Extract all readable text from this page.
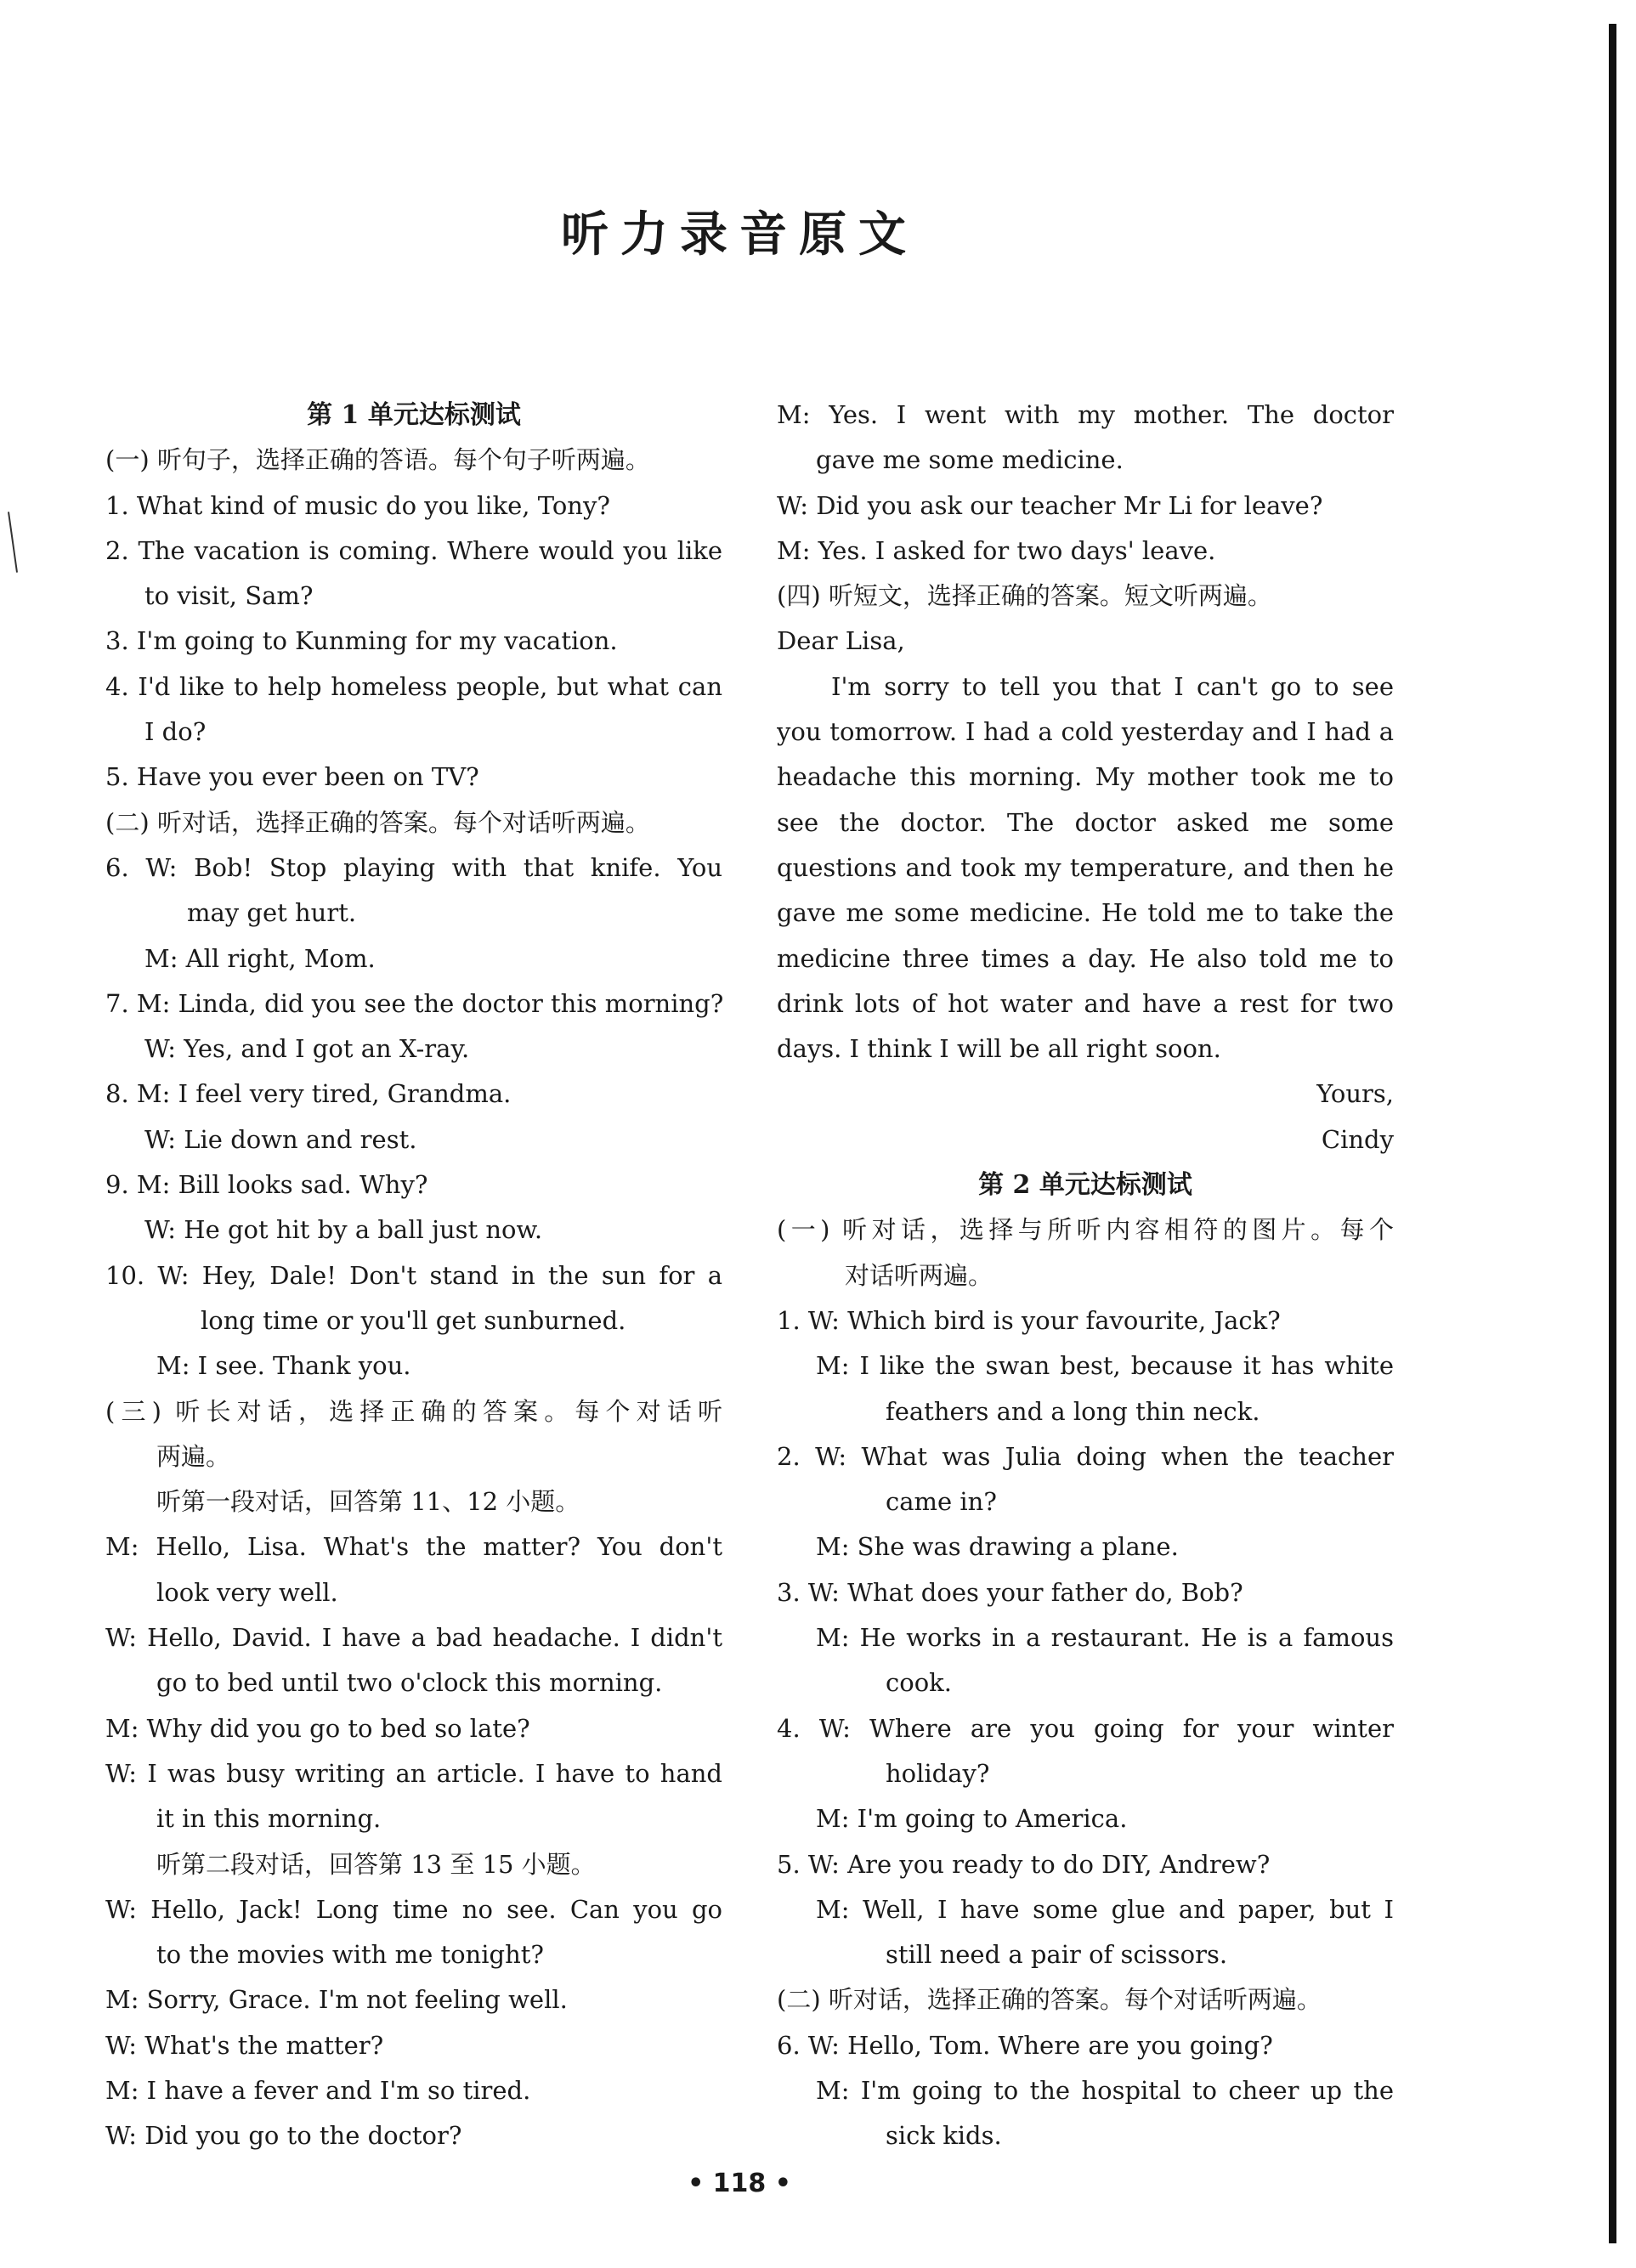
听力录音原文
第 1 单元达标测试
(一) 听句子，选择正确的答语。每个句子听两遍。
1. What kind of music do you like, Tony?
2. The vacation is coming. Where would you like
to visit, Sam?
3. I'm going to Kunming for my vacation.
4. I'd like to help homeless people, but what can
I do?
5. Have you ever been on TV?
(二) 听对话，选择正确的答案。每个对话听两遍。
6. W: Bob! Stop playing with that knife. You
may get hurt.
M: All right, Mom.
7. M: Linda, did you see the doctor this morning?
W: Yes, and I got an X-ray.
8. M: I feel very tired, Grandma.
W: Lie down and rest.
9. M: Bill looks sad. Why?
W: He got hit by a ball just now.
10. W: Hey, Dale! Don't stand in the sun for a
long time or you'll get sunburned.
M: I see. Thank you.
(三) 听长对话，选择正确的答案。每个对话听
两遍。
听第一段对话，回答第 11、12 小题。
M: Hello, Lisa. What's the matter? You don't
look very well.
W: Hello, David. I have a bad headache. I didn't
go to bed until two o'clock this morning.
M: Why did you go to bed so late?
W: I was busy writing an article. I have to hand
it in this morning.
听第二段对话，回答第 13 至 15 小题。
W: Hello, Jack! Long time no see. Can you go
to the movies with me tonight?
M: Sorry, Grace. I'm not feeling well.
W: What's the matter?
M: I have a fever and I'm so tired.
W: Did you go to the doctor?
M: Yes. I went with my mother. The doctor
gave me some medicine.
W: Did you ask our teacher Mr Li for leave?
M: Yes. I asked for two days' leave.
(四) 听短文，选择正确的答案。短文听两遍。
Dear Lisa,
I'm sorry to tell you that I can't go to see
you tomorrow. I had a cold yesterday and I had a
headache this morning. My mother took me to
see the doctor. The doctor asked me some
questions and took my temperature, and then he
gave me some medicine. He told me to take the
medicine three times a day. He also told me to
drink lots of hot water and have a rest for two
days. I think I will be all right soon.
Yours,
Cindy
第 2 单元达标测试
(一) 听对话，选择与所听内容相符的图片。每个
对话听两遍。
1. W: Which bird is your favourite, Jack?
M: I like the swan best, because it has white
feathers and a long thin neck.
2. W: What was Julia doing when the teacher
came in?
M: She was drawing a plane.
3. W: What does your father do, Bob?
M: He works in a restaurant. He is a famous
cook.
4. W: Where are you going for your winter
holiday?
M: I'm going to America.
5. W: Are you ready to do DIY, Andrew?
M: Well, I have some glue and paper, but I
still need a pair of scissors.
(二) 听对话，选择正确的答案。每个对话听两遍。
6. W: Hello, Tom. Where are you going?
M: I'm going to the hospital to cheer up the
sick kids.
• 118 •
